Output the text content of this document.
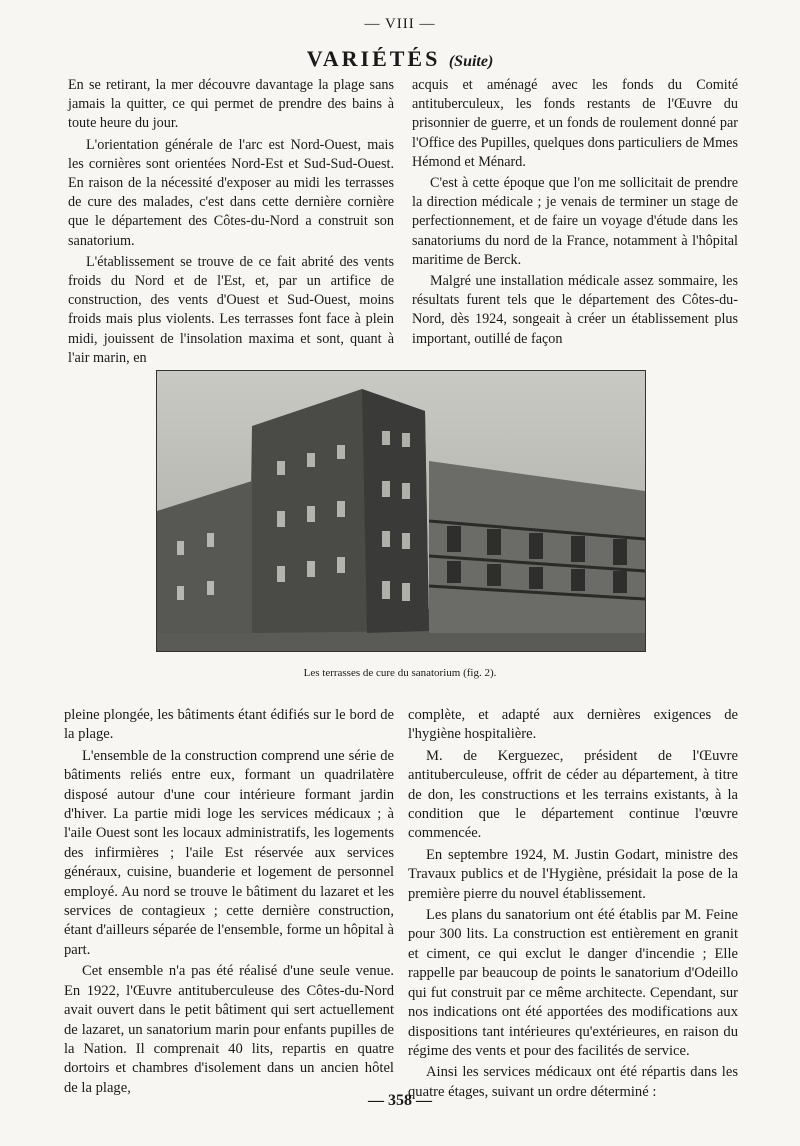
— VIII —
VARIÉTÉS (Suite)

En se retirant, la mer découvre davantage la plage sans jamais la quitter, ce qui permet de prendre des bains à toute heure du jour.

L'orientation générale de l'arc est Nord-Ouest, mais les cornières sont orientées Nord-Est et Sud-Sud-Ouest. En raison de la nécessité d'exposer au midi les terrasses de cure des malades, c'est dans cette dernière cornière que le département des Côtes-du-Nord a construit son sanatorium.

L'établissement se trouve de ce fait abrité des vents froids du Nord et de l'Est, et, par un artifice de construction, des vents d'Ouest et Sud-Ouest, moins froids mais plus violents. Les terrasses font face à plein midi, jouissent de l'insolation maxima et sont, quant à l'air marin, en

acquis et aménagé avec les fonds du Comité antituberculeux, les fonds restants de l'Œuvre du prisonnier de guerre, et un fonds de roulement donné par l'Office des Pupilles, quelques dons particuliers de Mmes Hémond et Ménard.

C'est à cette époque que l'on me sollicitait de prendre la direction médicale ; je venais de terminer un stage de perfectionnement, et de faire un voyage d'étude dans les sanatoriums du nord de la France, notamment à l'hôpital maritime de Berck.

Malgré une installation médicale assez sommaire, les résultats furent tels que le département des Côtes-du-Nord, dès 1924, songeait à créer un établissement plus important, outillé de façon

Les terrasses de cure du sanatorium (fig. 2).

pleine plongée, les bâtiments étant édifiés sur le bord de la plage.

L'ensemble de la construction comprend une série de bâtiments reliés entre eux, formant un quadrilatère disposé autour d'une cour intérieure formant jardin d'hiver. La partie midi loge les services médicaux ; à l'aile Ouest sont les locaux administratifs, les logements des infirmières ; l'aile Est réservée aux services généraux, cuisine, buanderie et logement de personnel employé. Au nord se trouve le bâtiment du lazaret et les services de contagieux ; cette dernière construction, étant d'ailleurs séparée de l'ensemble, forme un hôpital à part.

Cet ensemble n'a pas été réalisé d'une seule venue. En 1922, l'Œuvre antituberculeuse des Côtes-du-Nord avait ouvert dans le petit bâtiment qui sert actuellement de lazaret, un sanatorium marin pour enfants pupilles de la Nation. Il comprenait 40 lits, repartis en quatre dortoirs et chambres d'isolement dans un ancien hôtel de la plage,

complète, et adapté aux dernières exigences de l'hygiène hospitalière.

M. de Kerguezec, président de l'Œuvre antituberculeuse, offrit de céder au département, à titre de don, les constructions et les terrains existants, à la condition que le département continue l'œuvre commencée.

En septembre 1924, M. Justin Godart, ministre des Travaux publics et de l'Hygiène, présidait la pose de la première pierre du nouvel établissement.

Les plans du sanatorium ont été établis par M. Feine pour 300 lits. La construction est entièrement en granit et ciment, ce qui exclut le danger d'incendie ; Elle rappelle par beaucoup de points le sanatorium d'Odeillo qui fut construit par ce même architecte. Cependant, sur nos indications ont été apportées des modifications aux dispositions tant intérieures qu'extérieures, en raison du régime des vents et pour des facilités de service.

Ainsi les services médicaux ont été répartis dans les quatre étages, suivant un ordre déterminé :

— 358 —
